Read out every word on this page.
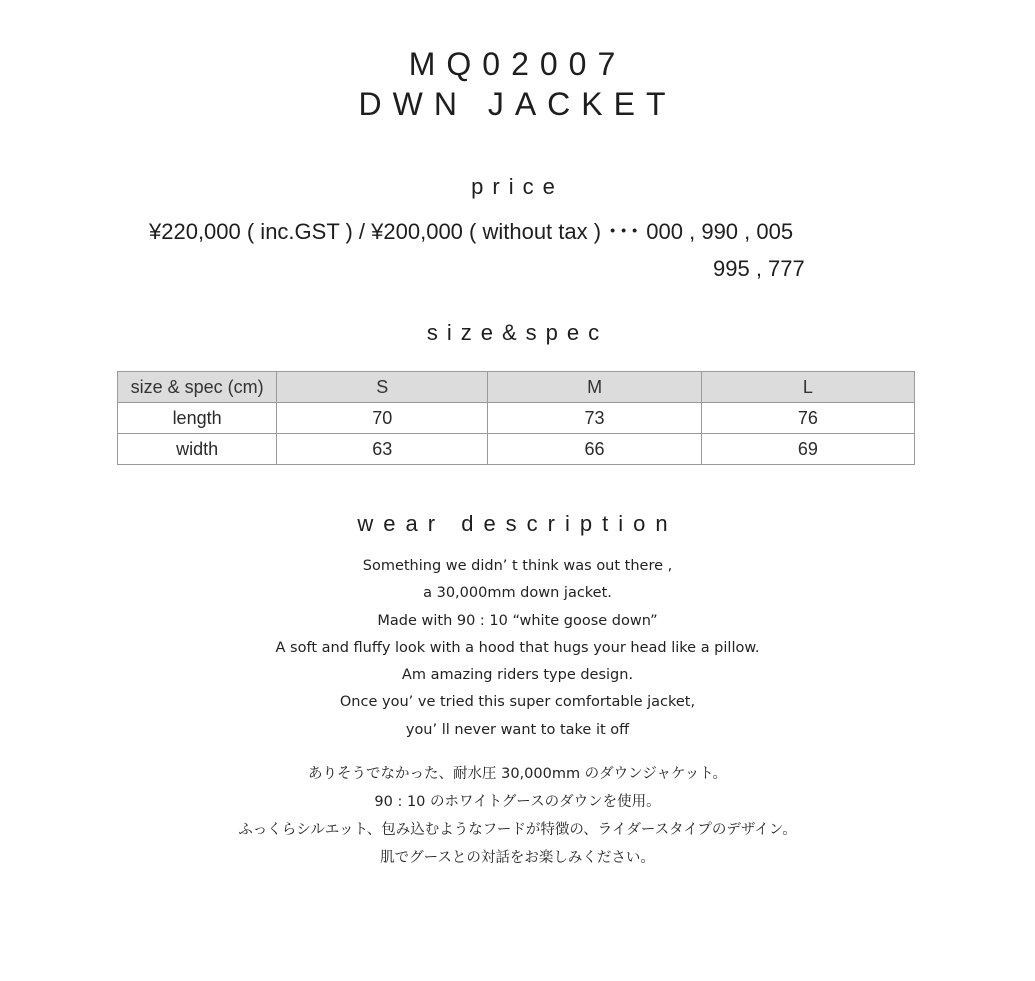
MQ02007
DWN JACKET
price
¥220,000 ( inc.GST ) / ¥200,000 ( without tax ) ･･･ 000 , 990 , 005
995 , 777
size&spec
size & spec (cm)	S	M	L
length	70	73	76
width	63	66	69
wear description
Something we didn’ t think was out there ,
a 30,000mm down jacket.
Made with 90 : 10 “white goose down”
A soft and fluffy look with a hood that hugs your head like a pillow.
Am amazing riders type design.
Once you’ ve tried this super comfortable jacket,
you’ ll never want to take it off
ありそうでなかった、耐水圧 30,000mm のダウンジャケット。
90 : 10 のホワイトグースのダウンを使用。
ふっくらシルエット、包み込むようなフードが特徴の、ライダースタイプのデザイン。
肌でグースとの対話をお楽しみください。
